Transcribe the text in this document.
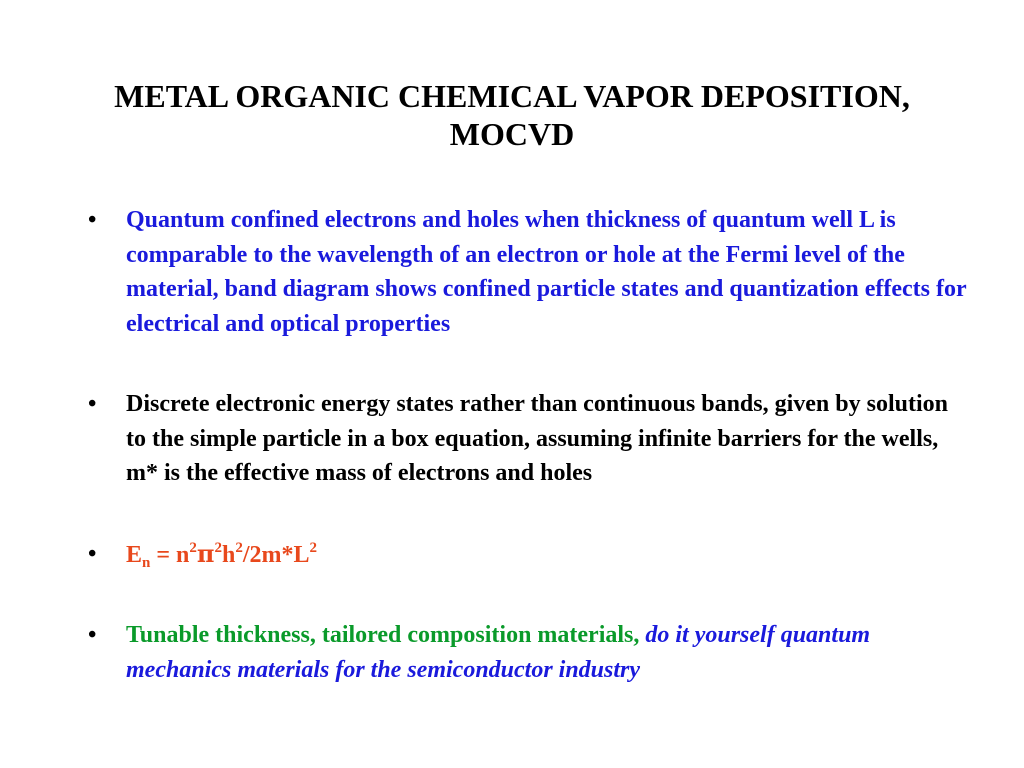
METAL ORGANIC CHEMICAL VAPOR DEPOSITION,
MOCVD
• Quantum confined electrons and holes when thickness of quantum well L is comparable to the wavelength of an electron or hole at the Fermi level of the material, band diagram shows confined particle states and quantization effects for electrical and optical properties
• Discrete electronic energy states rather than continuous bands, given by solution to the simple particle in a box equation, assuming infinite barriers for the wells, m* is the effective mass of electrons and holes
• $E_n = n^2\pi^2h^2/2m*L^2$
• Tunable thickness, tailored composition materials, do it yourself quantum mechanics materials for the semiconductor industry
